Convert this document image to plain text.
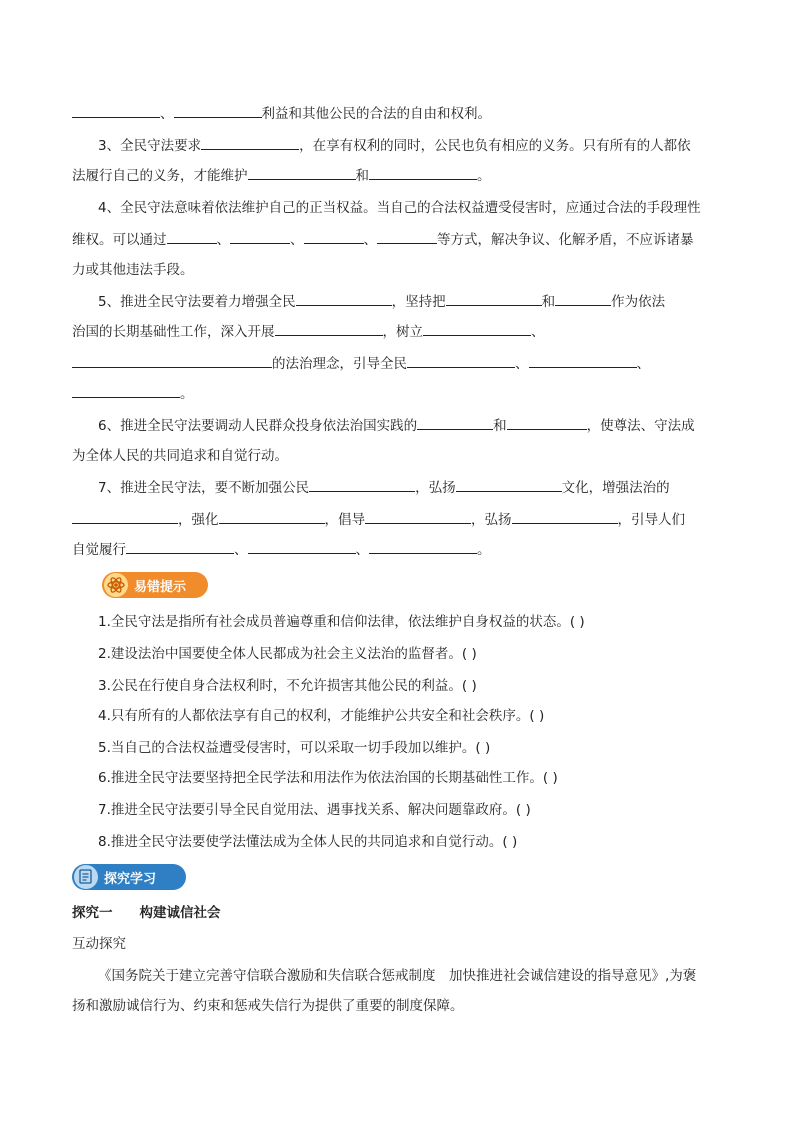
、	利益和其他公民的合法的自由和权利。
3、全民守法要求	，在享有权利的同时，公民也负有相应的义务。只有所有的人都依
法履行自己的义务，才能维护	和	。
4、全民守法意味着依法维护自己的正当权益。当自己的合法权益遭受侵害时，应通过合法的手段理性
维权。可以通过	、	、	、	等方式，解决争议、化解矛盾，不应诉诸暴
力或其他违法手段。
5、推进全民守法要着力增强全民	，坚持把	和	作为依法
治国的长期基础性工作，深入开展	，树立	、
的法治理念，引导全民	、	、
。
6、推进全民守法要调动人民群众投身依法治国实践的	和	，使尊法、守法成
为全体人民的共同追求和自觉行动。
7、推进全民守法，要不断加强公民	，弘扬	文化，增强法治的
，强化	，倡导	，弘扬	，引导人们
自觉履行	、	、	。
易错提示
1.全民守法是指所有社会成员普遍尊重和信仰法律，依法维护自身权益的状态。( )
2.建设法治中国要使全体人民都成为社会主义法治的监督者。( )
3.公民在行使自身合法权利时，不允许损害其他公民的利益。( )
4.只有所有的人都依法享有自己的权利，才能维护公共安全和社会秩序。( )
5.当自己的合法权益遭受侵害时，可以采取一切手段加以维护。( )
6.推进全民守法要坚持把全民学法和用法作为依法治国的长期基础性工作。( )
7.推进全民守法要引导全民自觉用法、遇事找关系、解决问题靠政府。( )
8.推进全民守法要使学法懂法成为全体人民的共同追求和自觉行动。( )
探究学习
探究一　　构建诚信社会
互动探究
《国务院关于建立完善守信联合激励和失信联合惩戒制度　加快推进社会诚信建设的指导意见》,为褒
扬和激励诚信行为、约束和惩戒失信行为提供了重要的制度保障。
